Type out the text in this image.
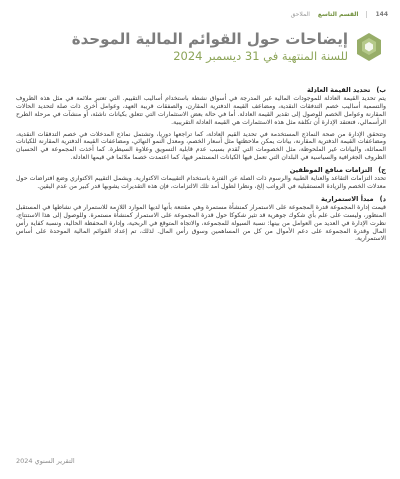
144
القسم التاسع
الملاحق
إيضاحات حول القوائم المالية الموحدة
للسنة المنتهية في 31 ديسمبر 2024
ب)
تحديد القيمة العادلة

يتم تحديد القيمة العادلة للموجودات المالية غير المدرجة في أسواق نشطة باستخدام أساليب التقييم. التي تعتبر ملائمة في مثل هذه الظروف والتسمية أساليب خصم التدفقات النقدية، ومضاعف القيمة الدفترية المقارن، والصفقات قريبة العهد، وعوامل أخرى ذات صلة لتحديد الحالات المقارنة وعوامل الخصم للوصول إلى تقدير القيمة العادلة. أما في حالة بعض الاستثمارات التي تتعلق بكيانات ناشئة، أو منشآت في مرحلة الطرح الرأسمالي، فتعتقد الإدارة أن تكلفة مثل هذه الاستثمارات هي القيمة العادلة التقريبية.

وتتحقق الإدارة من صحة النماذج المستخدمة في تحديد القيم العادلة، كما تراجعها دوريا، وتشتمل نماذج المدخلات في خصم التدفقات النقدية، ومضاعفات القيمة الدفترية المقارنة، بيانات يمكن ملاحظتها مثل أسعار الخصم، ومعدل النمو النهائي، ومضاعفات القيمة الدفترية المقارنة للكيانات المماثلة، والبيانات غير الملحوظة، مثل الخصومات التي تُقدم بسبب عدم قابلية التسويق وعلاوة السيطرة. كما أخذت المجموعة في الحسبان الظروف الجغرافية والسياسية في البلدان التي تعمل فيها الكيانات المستثمر فيها، كما اعتمدت خصما ملائما في قيمها العادلة.

ج)
التزامات منافع الموظفين

تحدد التزامات التقاعد والعناية الطبية والرسوم ذات الصلة عن الفترة باستخدام التقييمات الاكتوارية. ويشمل التقييم الاكتواري وضع افتراضات حول معدلات الخصم والزيادة المستقبلية في الرواتب إلخ، ونظرا لطول أمد تلك الالتزامات، فإن هذه التقديرات يشوبها قدر كبير من عدم اليقين.

د)
مبدأ الاستمرارية

قيمت إدارة المجموعة قدرة المجموعة على الاستمرار كمنشأة مستمرة وهي مقتنعة بأنها لديها الموارد اللازمة للاستمرار في نشاطها في المستقبل المنظور، وليست على علم بأي شكوك جوهرية قد تثير شكوكا حول قدرة المجموعة على الاستمرار كمنشأة مستمرة. وللوصول إلى هذا الاستنتاج، نظرت الإدارة في العديد من العوامل من بينها: نسبة السيولة للمجموعة، والاتجاه المتوقع في الربحية، وإدارة المحفظة الحالية، ونسبة كفاية رأس المال وقدرة المجموعة على دعم الأموال من كل من المساهمين وسوق رأس المال. لذلك، تم إعداد القوائم المالية الموحدة على أساس الاستمرارية.

التقرير السنوي 2024
